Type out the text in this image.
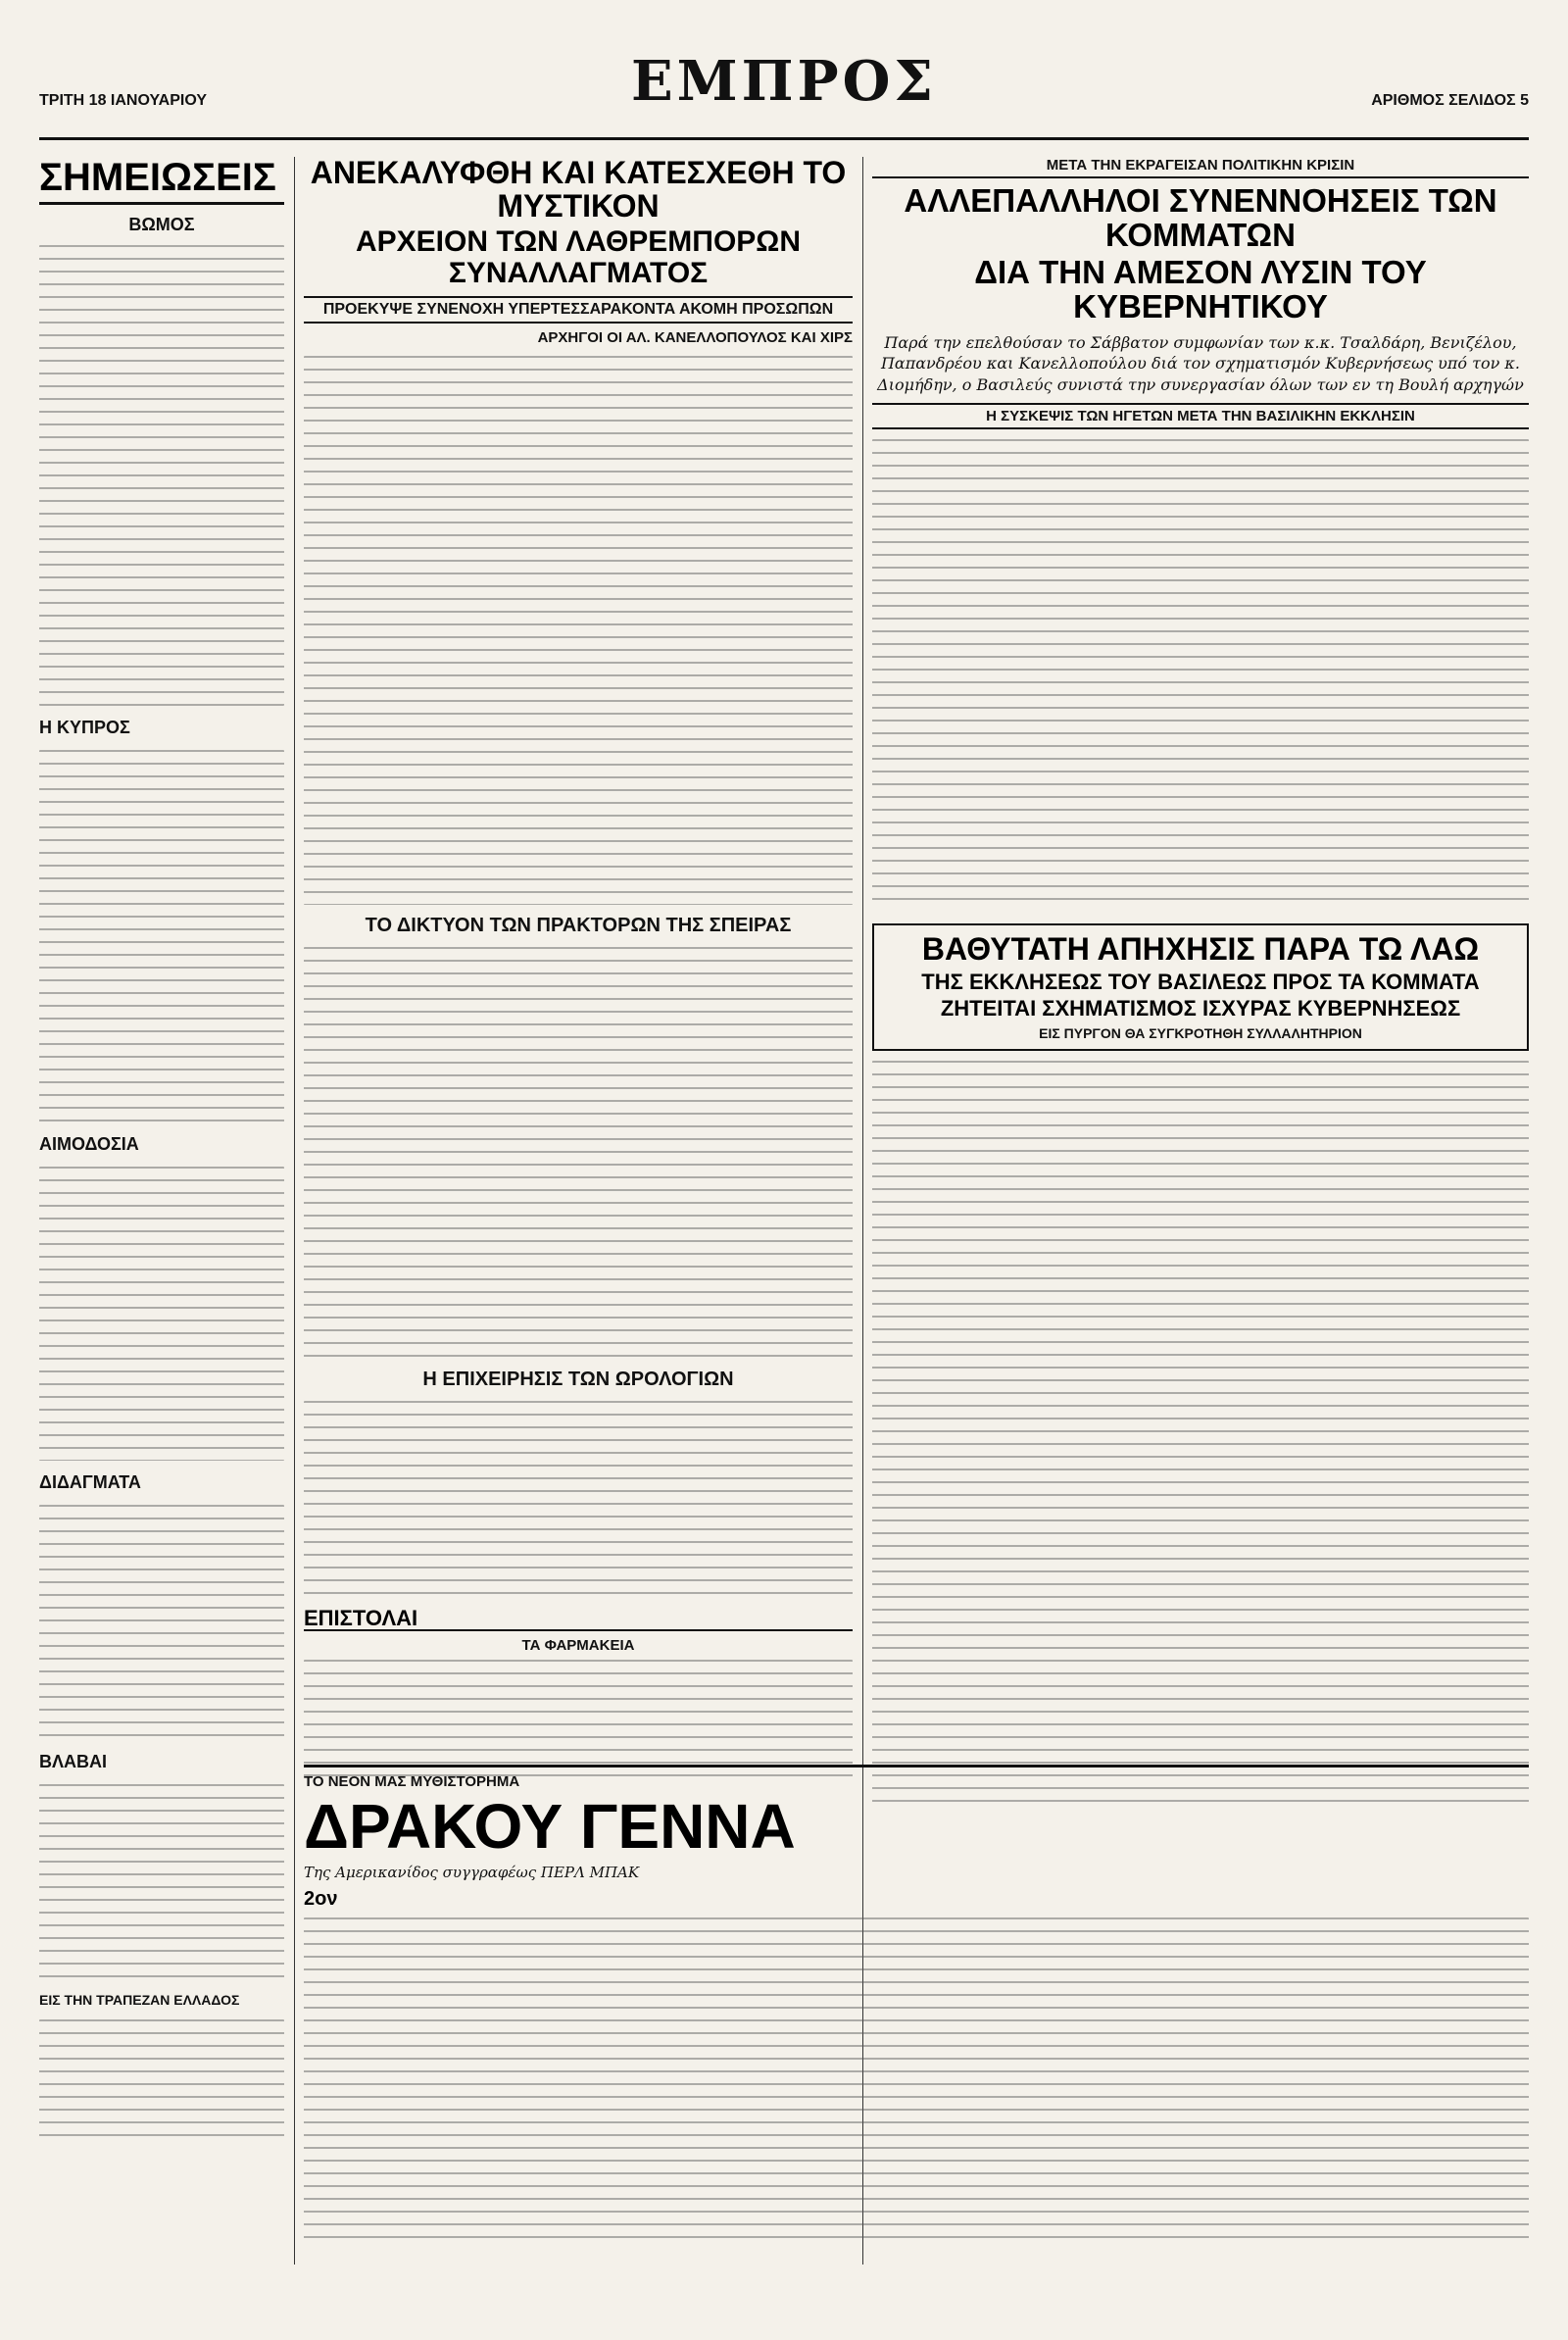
ΤΡΙΤΗ 18 ΙΑΝΟΥΑΡΙΟΥ	ΕΜΠΡΟΣ	ΑΡΙΘΜΟΣ ΣΕΛΙΔΟΣ 5
ΣΗΜΕΙΩΣΕΙΣ
ΒΩΜΟΣ
Η ΚΥΠΡΟΣ
ΑΙΜΟΔΟΣΙΑ
ΔΙΔΑΓΜΑΤΑ
ΒΛΑΒΑΙ
ΕΙΣ ΤΗΝ ΤΡΑΠΕΖΑΝ ΕΛΛΑΔΟΣ
ΑΝΕΚΑΛΥΦΘΗ ΚΑΙ ΚΑΤΕΣΧΕΘΗ ΤΟ ΜΥΣΤΙΚΟΝ
ΑΡΧΕΙΟΝ ΤΩΝ ΛΑΘΡΕΜΠΟΡΩΝ ΣΥΝΑΛΛΑΓΜΑΤΟΣ
ΠΡΟΕΚΥΨΕ ΣΥΝΕΝΟΧΗ ΥΠΕΡΤΕΣΣΑΡΑΚΟΝΤΑ ΑΚΟΜΗ ΠΡΟΣΩΠΩΝ
ΑΡΧΗΓΟΙ ΟΙ ΑΛ. ΚΑΝΕΛΛΟΠΟΥΛΟΣ ΚΑΙ ΧΙΡΣ
ΤΟ ΔΙΚΤΥΟΝ ΤΩΝ ΠΡΑΚΤΟΡΩΝ ΤΗΣ ΣΠΕΙΡΑΣ
Η ΕΠΙΧΕΙΡΗΣΙΣ ΤΩΝ ΩΡΟΛΟΓΙΩΝ
ΕΠΙΣΤΟΛΑΙ
ΤΑ ΦΑΡΜΑΚΕΙΑ
ΜΕΤΑ ΤΗΝ ΕΚΡΑΓΕΙΣΑΝ ΠΟΛΙΤΙΚΗΝ ΚΡΙΣΙΝ
ΑΛΛΕΠΑΛΛΗΛΟΙ ΣΥΝΕΝΝΟΗΣΕΙΣ ΤΩΝ ΚΟΜΜΑΤΩΝ
ΔΙΑ ΤΗΝ ΑΜΕΣΟΝ ΛΥΣΙΝ ΤΟΥ ΚΥΒΕΡΝΗΤΙΚΟΥ
Παρά την επελθούσαν το Σάββατον συμφωνίαν των κ.κ. Τσαλδάρη, Βενιζέλου, Παπανδρέου και Κανελλοπούλου διά τον σχηματισμόν Κυβερνήσεως υπό τον κ. Διομήδην, ο Βασιλεύς συνιστά την συνεργασίαν όλων των εν τη Βουλή αρχηγών
Η ΣΥΣΚΕΨΙΣ ΤΩΝ ΗΓΕΤΩΝ ΜΕΤΑ ΤΗΝ ΒΑΣΙΛΙΚΗΝ ΕΚΚΛΗΣΙΝ
ΒΑΘΥΤΑΤΗ ΑΠΗΧΗΣΙΣ ΠΑΡΑ ΤΩ ΛΑΩ
ΤΗΣ ΕΚΚΛΗΣΕΩΣ ΤΟΥ ΒΑΣΙΛΕΩΣ ΠΡΟΣ ΤΑ ΚΟΜΜΑΤΑ
ΖΗΤΕΙΤΑΙ ΣΧΗΜΑΤΙΣΜΟΣ ΙΣΧΥΡΑΣ ΚΥΒΕΡΝΗΣΕΩΣ
ΕΙΣ ΠΥΡΓΟΝ ΘΑ ΣΥΓΚΡΟΤΗΘΗ ΣΥΛΛΑΛΗΤΗΡΙΟΝ
ΤΟ ΝΕΟΝ ΜΑΣ ΜΥΘΙΣΤΟΡΗΜΑ
ΔΡΑΚΟΥ ΓΕΝΝΑ
Της Αμερικανίδος συγγραφέως ΠΕΡΛ ΜΠΑΚ
2ον
